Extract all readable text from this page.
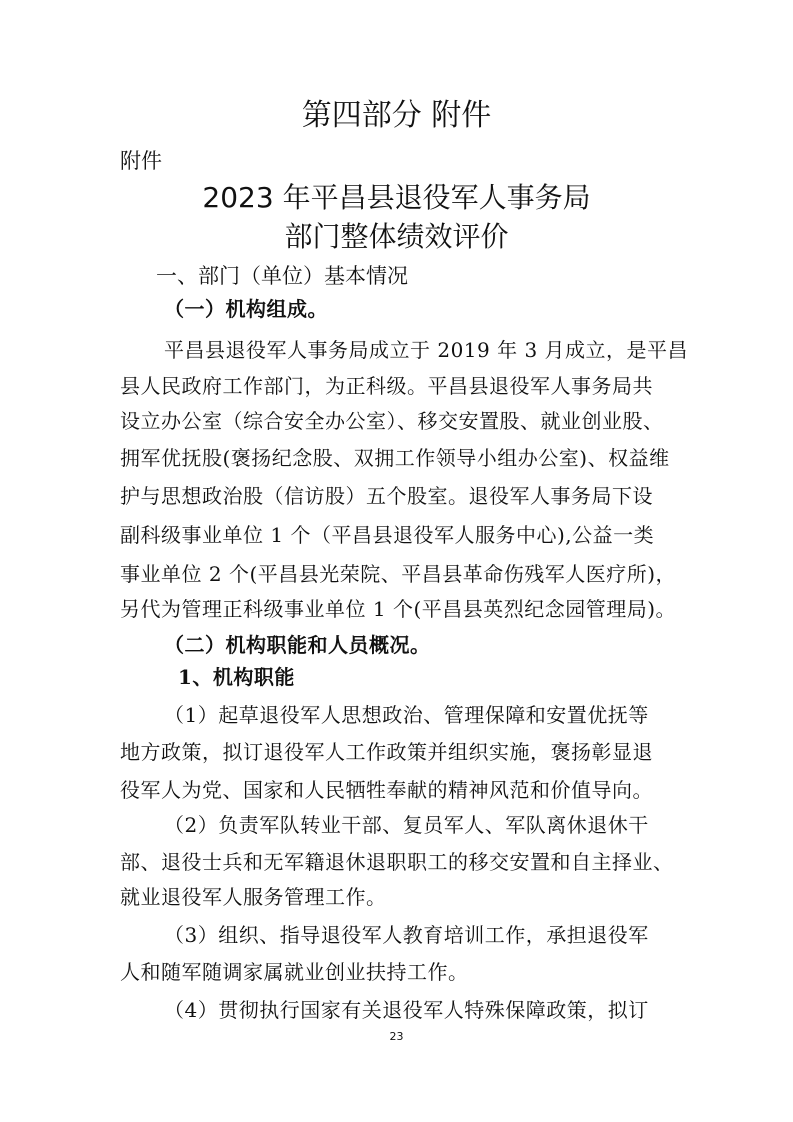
第四部分 附件
附件
2023 年平昌县退役军人事务局
部门整体绩效评价
一、部门（单位）基本情况
（一）机构组成。
平昌县退役军人事务局成立于 2019 年 3 月成立，是平昌
县人民政府工作部门，为正科级。平昌县退役军人事务局共
设立办公室（综合安全办公室）、移交安置股、就业创业股、
拥军优抚股(褒扬纪念股、双拥工作领导小组办公室)、权益维
护与思想政治股（信访股）五个股室。退役军人事务局下设
副科级事业单位 1 个（平昌县退役军人服务中心),公益一类
事业单位 2 个(平昌县光荣院、平昌县革命伤残军人医疗所)，
另代为管理正科级事业单位 1 个(平昌县英烈纪念园管理局)。
（二）机构职能和人员概况。
1、机构职能
（1）起草退役军人思想政治、管理保障和安置优抚等
地方政策，拟订退役军人工作政策并组织实施，褒扬彰显退
役军人为党、国家和人民牺牲奉献的精神风范和价值导向。
（2）负责军队转业干部、复员军人、军队离休退休干
部、退役士兵和无军籍退休退职职工的移交安置和自主择业、
就业退役军人服务管理工作。
（3）组织、指导退役军人教育培训工作，承担退役军
人和随军随调家属就业创业扶持工作。
（4）贯彻执行国家有关退役军人特殊保障政策，拟订
23
